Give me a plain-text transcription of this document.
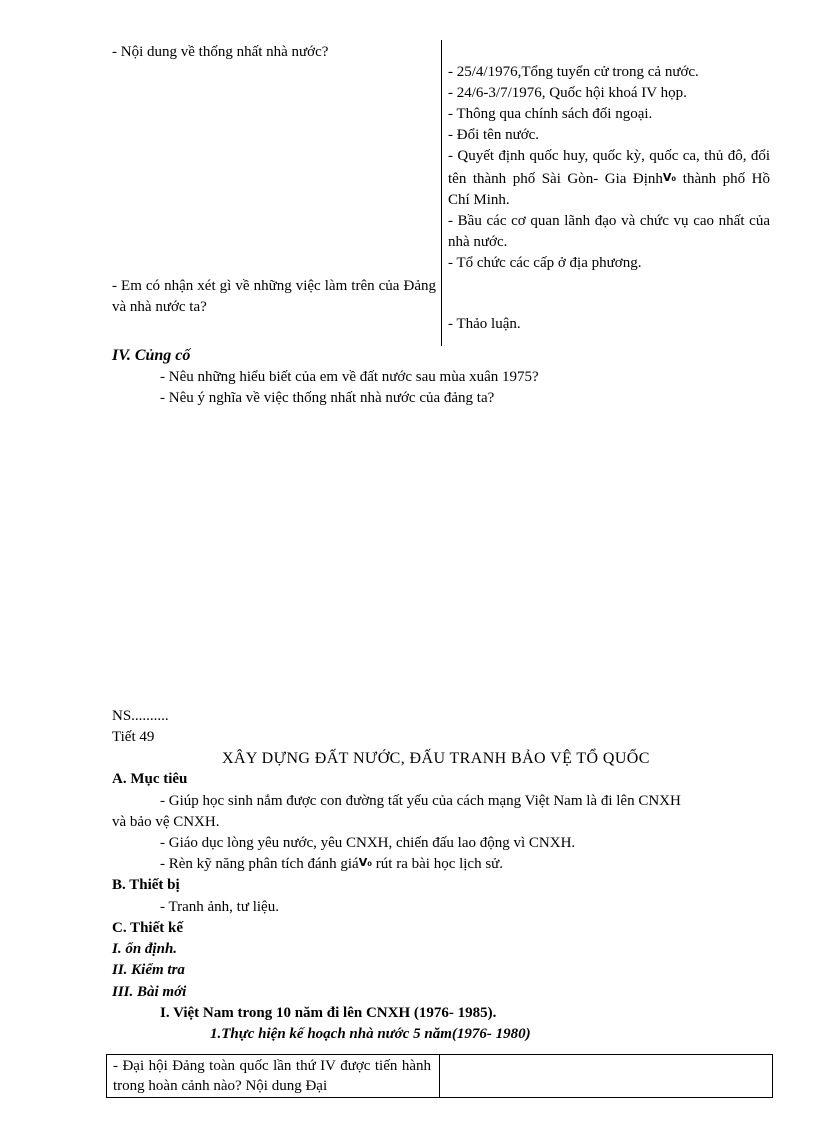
- Nội dung về thống nhất nhà nước?
- Em có nhận xét gì về những việc làm trên của Đảng và nhà nước ta?
- 25/4/1976,Tổng tuyển cử trong cả nước.
- 24/6-3/7/1976, Quốc hội khoá IV họp.
- Thông qua chính sách đối ngoại.
- Đổi tên nước.
- Quyết định quốc huy, quốc kỳ, quốc ca, thủ đô, đổi tên thành phố Sài Gòn- Gia ĐịnhV₀ thành phố Hồ Chí Minh.
- Bầu các cơ quan lãnh đạo và chức vụ cao nhất của nhà nước.
- Tổ chức các cấp ở địa phương.
- Thảo luận.
IV. Củng cố
- Nêu những hiểu biết của em về đất nước sau mùa xuân 1975?
- Nêu ý nghĩa về việc thống nhất nhà nước của đảng ta?
NS..........
Tiết 49
XÂY DỰNG ĐẤT NƯỚC, ĐẤU TRANH BẢO VỆ TỔ QUỐC
A. Mục tiêu
- Giúp học sinh nắm được con đường tất yếu của cách mạng Việt Nam là đi lên CNXH
và bảo vệ CNXH.
- Giáo dục lòng yêu nước, yêu CNXH, chiến đấu lao động vì CNXH.
- Rèn kỹ năng phân tích đánh giáV₀ rút ra bài học lịch sử.
B. Thiết bị
- Tranh ảnh, tư liệu.
C. Thiết kế
I. ổn định.
II. Kiểm tra
III. Bài mới
I. Việt Nam trong 10 năm đi lên CNXH (1976- 1985).
1.Thực hiện kế hoạch nhà nước 5 năm(1976- 1980)
- Đại hội Đảng toàn quốc lần thứ IV được tiến hành trong hoàn cảnh nào? Nội dung Đại
